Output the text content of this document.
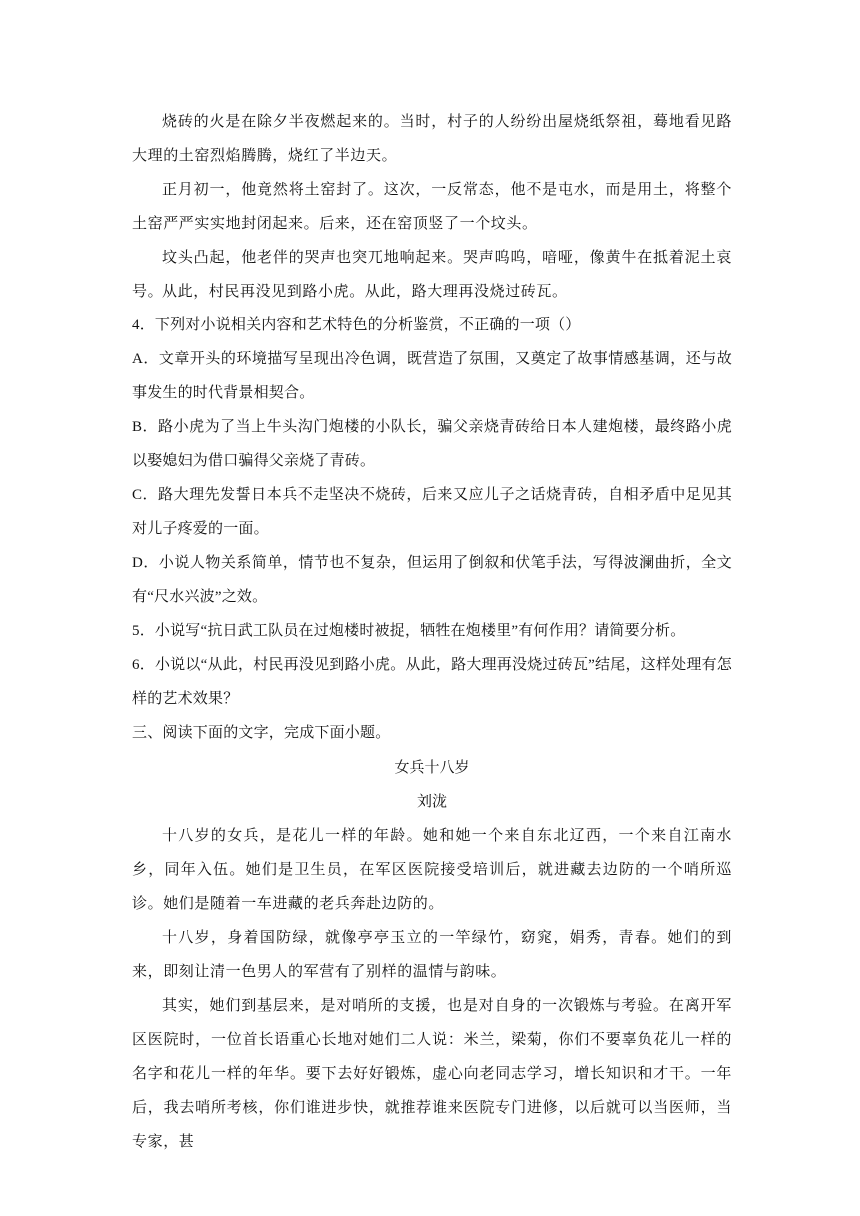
烧砖的火是在除夕半夜燃起来的。当时，村子的人纷纷出屋烧纸祭祖，蓦地看见路大理的土窑烈焰腾腾，烧红了半边天。
正月初一，他竟然将土窑封了。这次，一反常态，他不是屯水，而是用土，将整个土窑严严实实地封闭起来。后来，还在窑顶竖了一个坟头。
坟头凸起，他老伴的哭声也突兀地响起来。哭声呜呜，喑哑，像黄牛在抵着泥土哀号。
从此，村民再没见到路小虎。从此，路大理再没烧过砖瓦。
4．下列对小说相关内容和艺术特色的分析鉴赏，不正确的一项（）
A．文章开头的环境描写呈现出冷色调，既营造了氛围，又奠定了故事情感基调，还与故事发生的时代背景相契合。
B．路小虎为了当上牛头沟门炮楼的小队长，骗父亲烧青砖给日本人建炮楼，最终路小虎以娶媳妇为借口骗得父亲烧了青砖。
C．路大理先发誓日本兵不走坚决不烧砖，后来又应儿子之话烧青砖，自相矛盾中足见其对儿子疼爱的一面。
D．小说人物关系简单，情节也不复杂，但运用了倒叙和伏笔手法，写得波澜曲折，全文有“尺水兴波”之效。
5．小说写“抗日武工队员在过炮楼时被捉，牺牲在炮楼里”有何作用？请简要分析。
6．小说以“从此，村民再没见到路小虎。从此，路大理再没烧过砖瓦”结尾，这样处理有怎样的艺术效果？
三、阅读下面的文字，完成下面小题。
女兵十八岁
刘泷
十八岁的女兵，是花儿一样的年龄。她和她一个来自东北辽西，一个来自江南水乡，同年入伍。她们是卫生员，在军区医院接受培训后，就进藏去边防的一个哨所巡诊。她们是随着一车进藏的老兵奔赴边防的。
十八岁，身着国防绿，就像亭亭玉立的一竿绿竹，窈窕，娟秀，青春。她们的到来，即刻让清一色男人的军营有了别样的温情与韵味。
其实，她们到基层来，是对哨所的支援，也是对自身的一次锻炼与考验。在离开军区医院时，一位首长语重心长地对她们二人说：米兰，梁菊，你们不要辜负花儿一样的名字和花儿一样的年华。要下去好好锻炼，虚心向老同志学习，增长知识和才干。一年后，我去哨所考核，你们谁进步快，就推荐谁来医院专门进修，以后就可以当医师，当专家，甚
